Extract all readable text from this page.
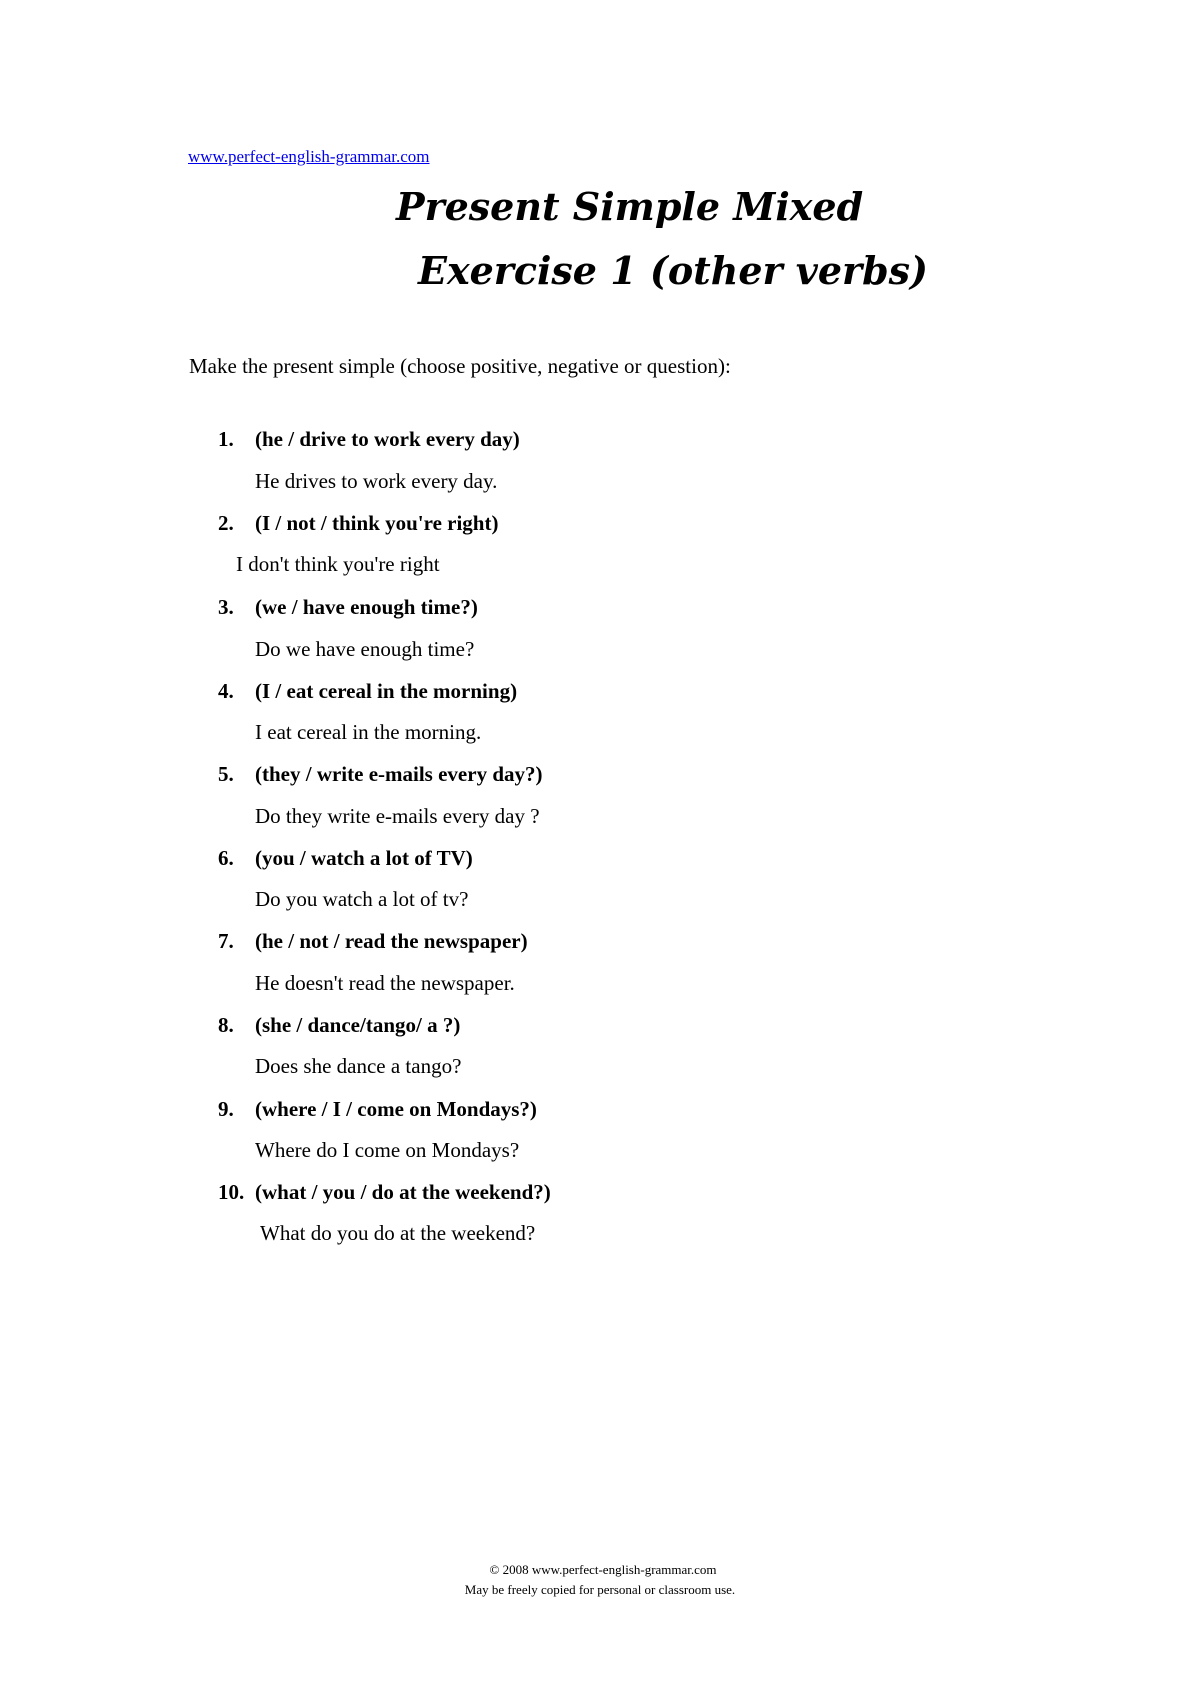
www.perfect-english-grammar.com
Present Simple Mixed
Exercise 1 (other verbs)
Make the present simple (choose positive, negative or question):
1. (he / drive to work every day)
He drives to work every day.
2. (I / not / think you're right)
I don't think you're right
3. (we / have enough time?)
Do we have enough time?
4. (I / eat cereal in the morning)
I eat cereal in the morning.
5. (they / write e-mails every day?)
Do they write e-mails every day ?
6. (you / watch a lot of TV)
Do you watch a lot of tv?
7. (he / not / read the newspaper)
He doesn't read the newspaper.
8. (she / dance/tango/ a ?)
Does she dance a tango?
9. (where / I / come on Mondays?)
Where do I come on Mondays?
10. (what / you / do at the weekend?)
What do you do at the weekend?
© 2008 www.perfect-english-grammar.com
May be freely copied for personal or classroom use.
